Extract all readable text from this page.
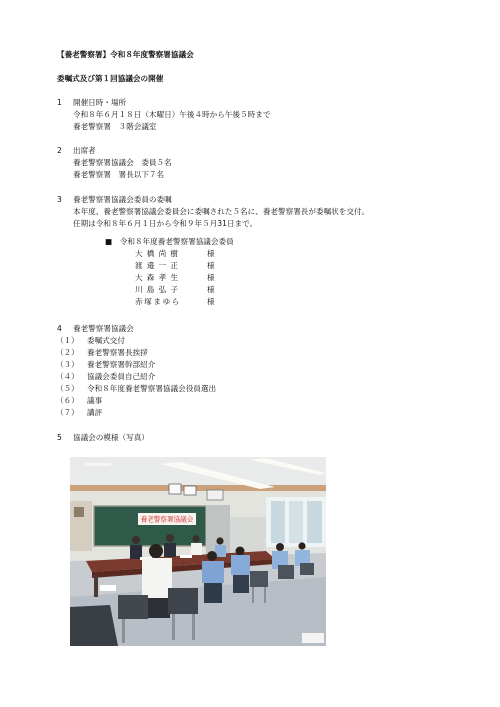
【養老警察署】令和８年度警察署協議会
委嘱式及び第１回協議会の開催
1 開催日時・場所
令和８年６月１８日（木曜日）午後４時から午後５時まで
養老警察署　３階会議室
2 出席者
養老警察署協議会　委員５名
養老警察署　署長以下７名
3 養老警察署協議会委員の委嘱
本年度、養老警察署協議会委員会に委嘱された５名に、養老警察署長が委嘱状を交付。
任期は令和８年６月１日から令和９年５月31日まで。
■　令和８年度養老警察署協議会委員
大橋尚樹	様
渡邉一正	様
大森孝生	様
川島弘子	様
赤塚まゆら	様
4 養老警察署協議会
（１） 委嘱式交付
（２） 養老警察署長挨拶
（３） 養老警察署幹部紹介
（４） 協議会委員自己紹介
（５） 令和８年度養老警察署協議会役員選出
（６） 議事
（７） 講評
5 協議会の模様（写真）
養老警察署協議会
